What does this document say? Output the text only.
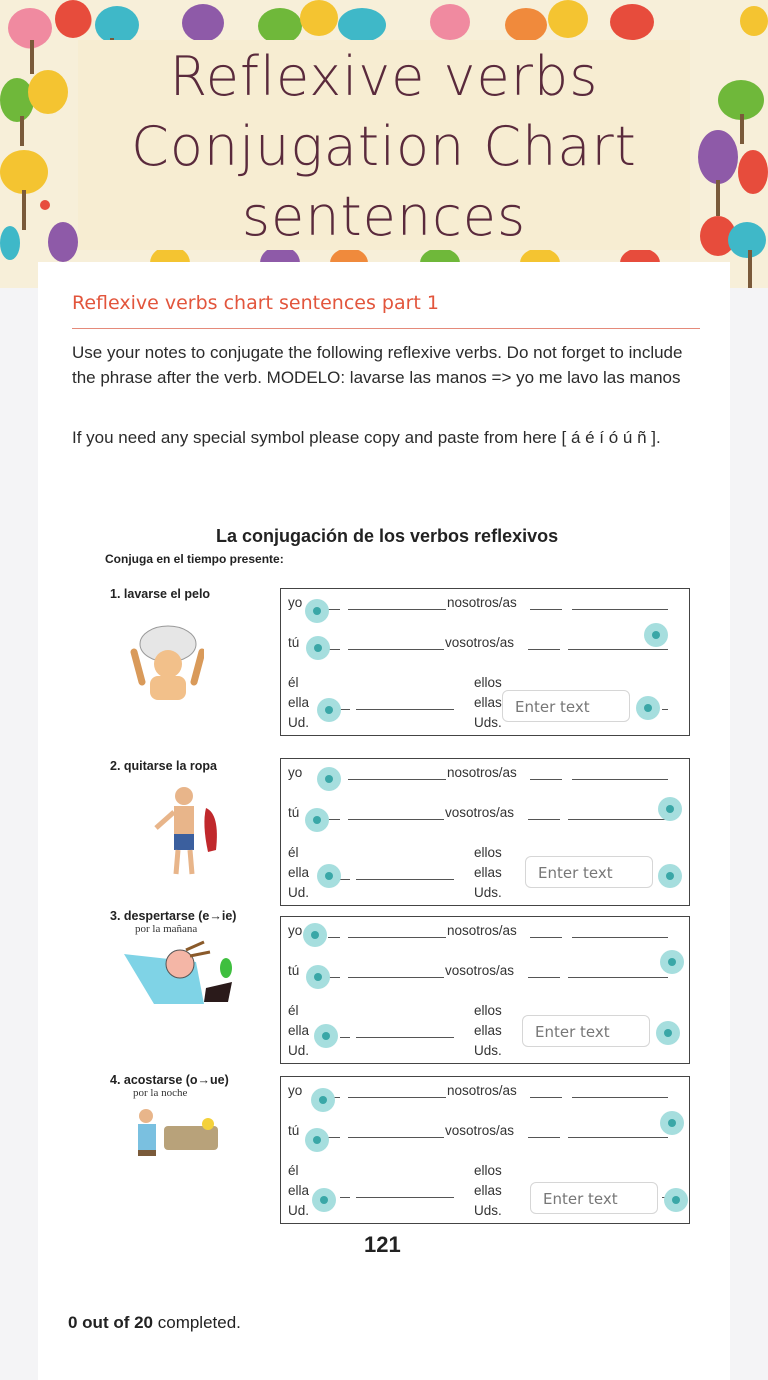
Reflexive verbs Conjugation Chart sentences
Reflexive verbs chart sentences part 1
Use your notes to conjugate the following reflexive verbs. Do not forget to include the phrase after the verb. MODELO: lavarse las manos => yo me lavo las manos
If you need any special symbol please copy and paste from here [ á é í ó ú ñ ].
La conjugación de los verbos reflexivos
Conjuga en el tiempo presente:
1. lavarse el pelo
2. quitarse la ropa
3. despertarse (e→ie)
por la mañana
4. acostarse (o→ue)
por la noche
yo
tú
él
ella
Ud.
nosotros/as
vosotros/as
ellos
ellas
Uds.
Enter text
yo
tú
él
ella
Ud.
nosotros/as
vosotros/as
ellos
ellas
Uds.
Enter text
yo
tú
él
ella
Ud.
nosotros/as
vosotros/as
ellos
ellas
Uds.
Enter text
yo
tú
él
ella
Ud.
nosotros/as
vosotros/as
ellos
ellas
Uds.
Enter text
121
0 out of 20 completed.
